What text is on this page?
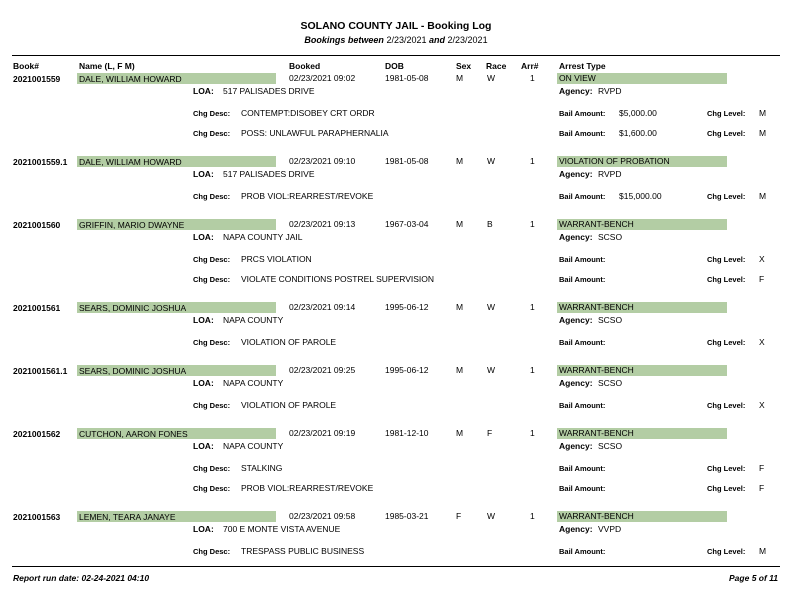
SOLANO COUNTY JAIL - Booking Log
Bookings between 2/23/2021 and 2/23/2021
Book#	Name (L, F M)	Booked	DOB	Sex Race Arr# Arrest Type
2021001559 DALE, WILLIAM HOWARD	02/23/2021 09:02	1981-05-08	M	W	1	ON VIEW
LOA: 517 PALISADES DRIVE	Agency: RVPD
Chg Desc: CONTEMPT:DISOBEY CRT ORDR	Bail Amount: $5,000.00	Chg Level: M
Chg Desc: POSS: UNLAWFUL PARAPHERNALIA	Bail Amount: $1,600.00	Chg Level: M
2021001559.1 DALE, WILLIAM HOWARD	02/23/2021 09:10	1981-05-08	M	W	1	VIOLATION OF PROBATION
LOA: 517 PALISADES DRIVE	Agency: RVPD
Chg Desc: PROB VIOL:REARREST/REVOKE	Bail Amount: $15,000.00	Chg Level: M
2021001560 GRIFFIN, MARIO DWAYNE	02/23/2021 09:13	1967-03-04	M	B	1	WARRANT-BENCH
LOA: NAPA COUNTY JAIL	Agency: SCSO
Chg Desc: PRCS VIOLATION	Bail Amount:	Chg Level: X
Chg Desc: VIOLATE CONDITIONS POSTREL SUPERVISION	Bail Amount:	Chg Level: F
2021001561 SEARS, DOMINIC JOSHUA	02/23/2021 09:14	1995-06-12	M	W	1	WARRANT-BENCH
LOA: NAPA COUNTY	Agency: SCSO
Chg Desc: VIOLATION OF PAROLE	Bail Amount:	Chg Level: X
2021001561.1 SEARS, DOMINIC JOSHUA	02/23/2021 09:25	1995-06-12	M	W	1	WARRANT-BENCH
LOA: NAPA COUNTY	Agency: SCSO
Chg Desc: VIOLATION OF PAROLE	Bail Amount:	Chg Level: X
2021001562 CUTCHON, AARON FONES	02/23/2021 09:19	1981-12-10	M	F	1	WARRANT-BENCH
LOA: NAPA COUNTY	Agency: SCSO
Chg Desc: STALKING	Bail Amount:	Chg Level: F
Chg Desc: PROB VIOL:REARREST/REVOKE	Bail Amount:	Chg Level: F
2021001563 LEMEN, TEARA JANAYE	02/23/2021 09:58	1985-03-21	F	W	1	WARRANT-BENCH
LOA: 700 E MONTE VISTA AVENUE	Agency: VVPD
Chg Desc: TRESPASS PUBLIC BUSINESS	Bail Amount:	Chg Level: M
Report run date: 02-24-2021 04:10	Page 5 of 11
